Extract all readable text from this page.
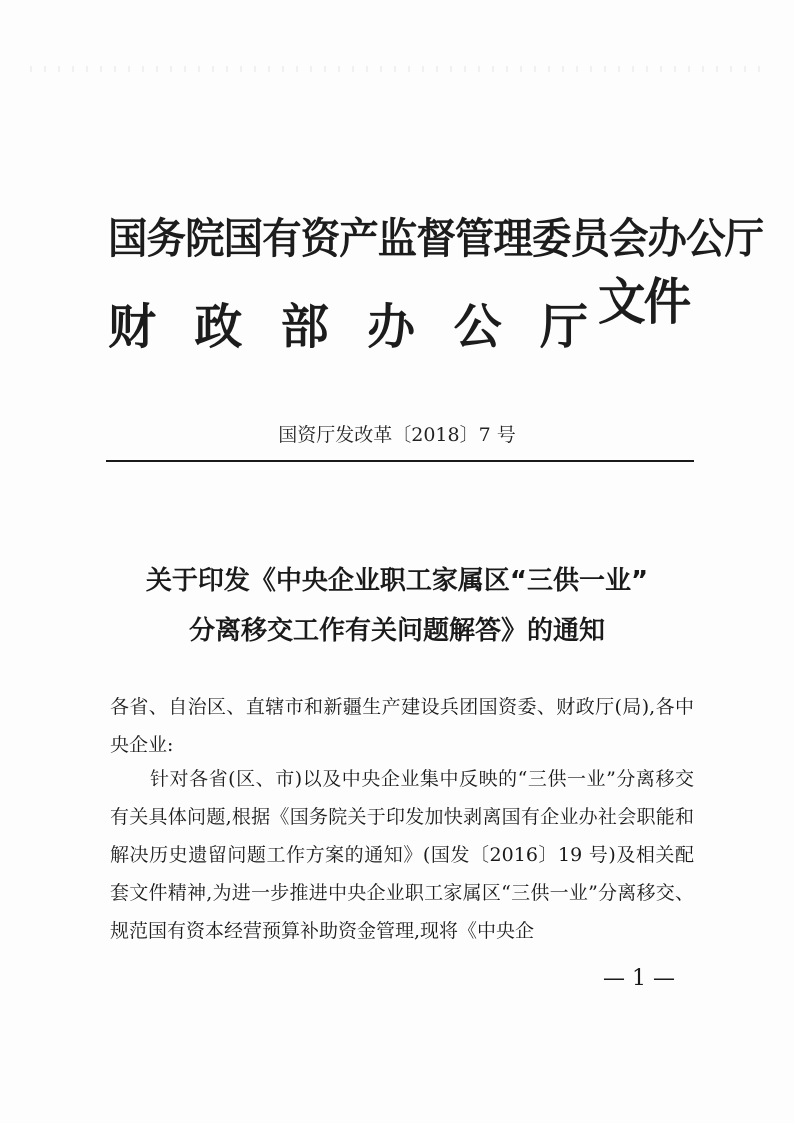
国务院国有资产监督管理委员会办公厅
财 政 部 办 公 厅 文件
国资厅发改革〔2018〕7 号
关于印发《中央企业职工家属区“三供一业”
分离移交工作有关问题解答》的通知
各省、自治区、直辖市和新疆生产建设兵团国资委、财政厅(局),各中央企业:
针对各省(区、市)以及中央企业集中反映的“三供一业”分离移交有关具体问题,根据《国务院关于印发加快剥离国有企业办社会职能和解决历史遗留问题工作方案的通知》(国发〔2016〕19 号)及相关配套文件精神,为进一步推进中央企业职工家属区“三供一业”分离移交、规范国有资本经营预算补助资金管理,现将《中央企
— 1 —
